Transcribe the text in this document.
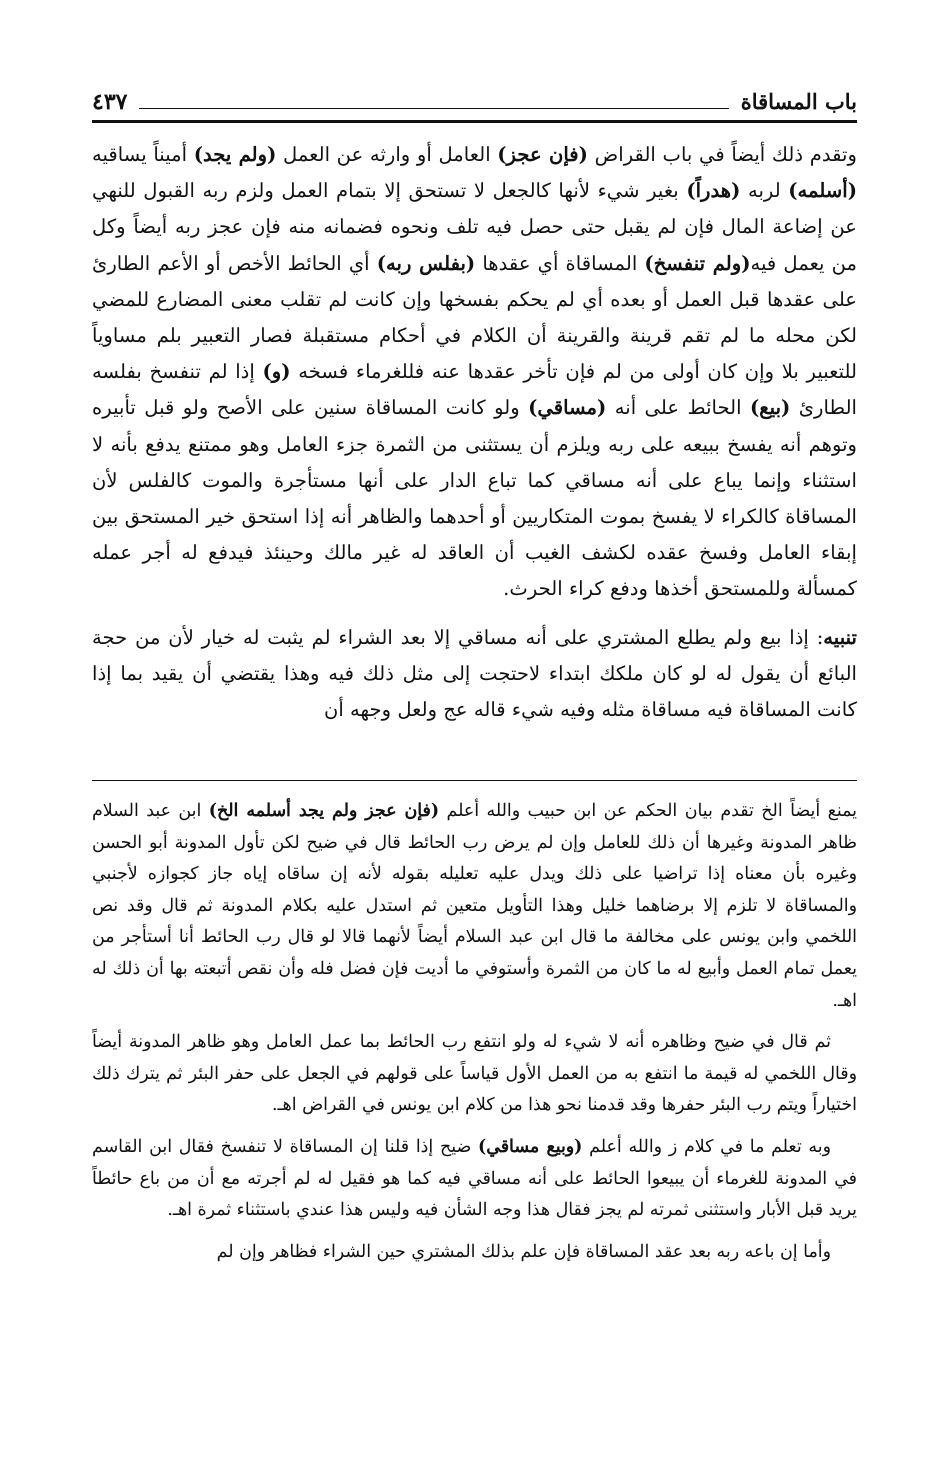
باب المساقاة
٤٣٧

وتقدم ذلك أيضاً في باب القراض (فإن عجز) العامل أو وارثه عن العمل (ولم يجد) أميناً يساقيه (أسلمه) لربه (هدراً) بغير شيء لأنها كالجعل لا تستحق إلا بتمام العمل ولزم ربه القبول للنهي عن إضاعة المال فإن لم يقبل حتى حصل فيه تلف ونحوه فضمانه منه فإن عجز ربه أيضاً وكل من يعمل فيه(ولم تنفسخ) المساقاة أي عقدها (بفلس ربه) أي الحائط الأخص أو الأعم الطارئ على عقدها قبل العمل أو بعده أي لم يحكم بفسخها وإن كانت لم تقلب معنى المضارع للمضي لكن محله ما لم تقم قرينة والقرينة أن الكلام في أحكام مستقبلة فصار التعبير بلم مساوياً للتعبير بلا وإن كان أولى من لم فإن تأخر عقدها عنه فللغرماء فسخه (و) إذا لم تنفسخ بفلسه الطارئ (بيع) الحائط على أنه (مساقي) ولو كانت المساقاة سنين على الأصح ولو قبل تأبيره وتوهم أنه يفسخ ببيعه على ربه ويلزم أن يستثنى من الثمرة جزء العامل وهو ممتنع يدفع بأنه لا استثناء وإنما يباع على أنه مساقي كما تباع الدار على أنها مستأجرة والموت كالفلس لأن المساقاة كالكراء لا يفسخ بموت المتكاريين أو أحدهما والظاهر أنه إذا استحق خير المستحق بين إبقاء العامل وفسخ عقده لكشف الغيب أن العاقد له غير مالك وحينئذ فيدفع له أجر عمله كمسألة وللمستحق أخذها ودفع كراء الحرث.

تنبيه: إذا بيع ولم يطلع المشتري على أنه مساقي إلا بعد الشراء لم يثبت له خيار لأن من حجة البائع أن يقول له لو كان ملكك ابتداء لاحتجت إلى مثل ذلك فيه وهذا يقتضي أن يقيد بما إذا كانت المساقاة فيه مساقاة مثله وفيه شيء قاله عج ولعل وجهه أن

يمنع أيضاً الخ تقدم بيان الحكم عن ابن حبيب والله أعلم (فإن عجز ولم يجد أسلمه الخ) ابن عبد السلام ظاهر المدونة وغيرها أن ذلك للعامل وإن لم يرض رب الحائط قال في ضيح لكن تأول المدونة أبو الحسن وغيره بأن معناه إذا تراضيا على ذلك ويدل عليه تعليله بقوله لأنه إن ساقاه إياه جاز كجوازه لأجنبي والمساقاة لا تلزم إلا برضاهما خليل وهذا التأويل متعين ثم استدل عليه بكلام المدونة ثم قال وقد نص اللخمي وابن يونس على مخالفة ما قال ابن عبد السلام أيضاً لأنهما قالا لو قال رب الحائط أنا أستأجر من يعمل تمام العمل وأبيع له ما كان من الثمرة وأستوفي ما أديت فإن فضل فله وأن نقص أتبعته بها أن ذلك له اهـ.

ثم قال في ضيح وظاهره أنه لا شيء له ولو انتفع رب الحائط بما عمل العامل وهو ظاهر المدونة أيضاً وقال اللخمي له قيمة ما انتفع به من العمل الأول قياساً على قولهم في الجعل على حفر البئر ثم يترك ذلك اختياراً ويتم رب البئر حفرها وقد قدمنا نحو هذا من كلام ابن يونس في القراض اهـ.

وبه تعلم ما في كلام ز والله أعلم (وبيع مساقي) ضيح إذا قلنا إن المساقاة لا تنفسخ فقال ابن القاسم في المدونة للغرماء أن يبيعوا الحائط على أنه مساقي فيه كما هو فقيل له لم أجرته مع أن من باع حائطاً يريد قبل الأبار واستثنى ثمرته لم يجز فقال هذا وجه الشأن فيه وليس هذا عندي باستثناء ثمرة اهـ.

وأما إن باعه ربه بعد عقد المساقاة فإن علم بذلك المشتري حين الشراء فظاهر وإن لم
